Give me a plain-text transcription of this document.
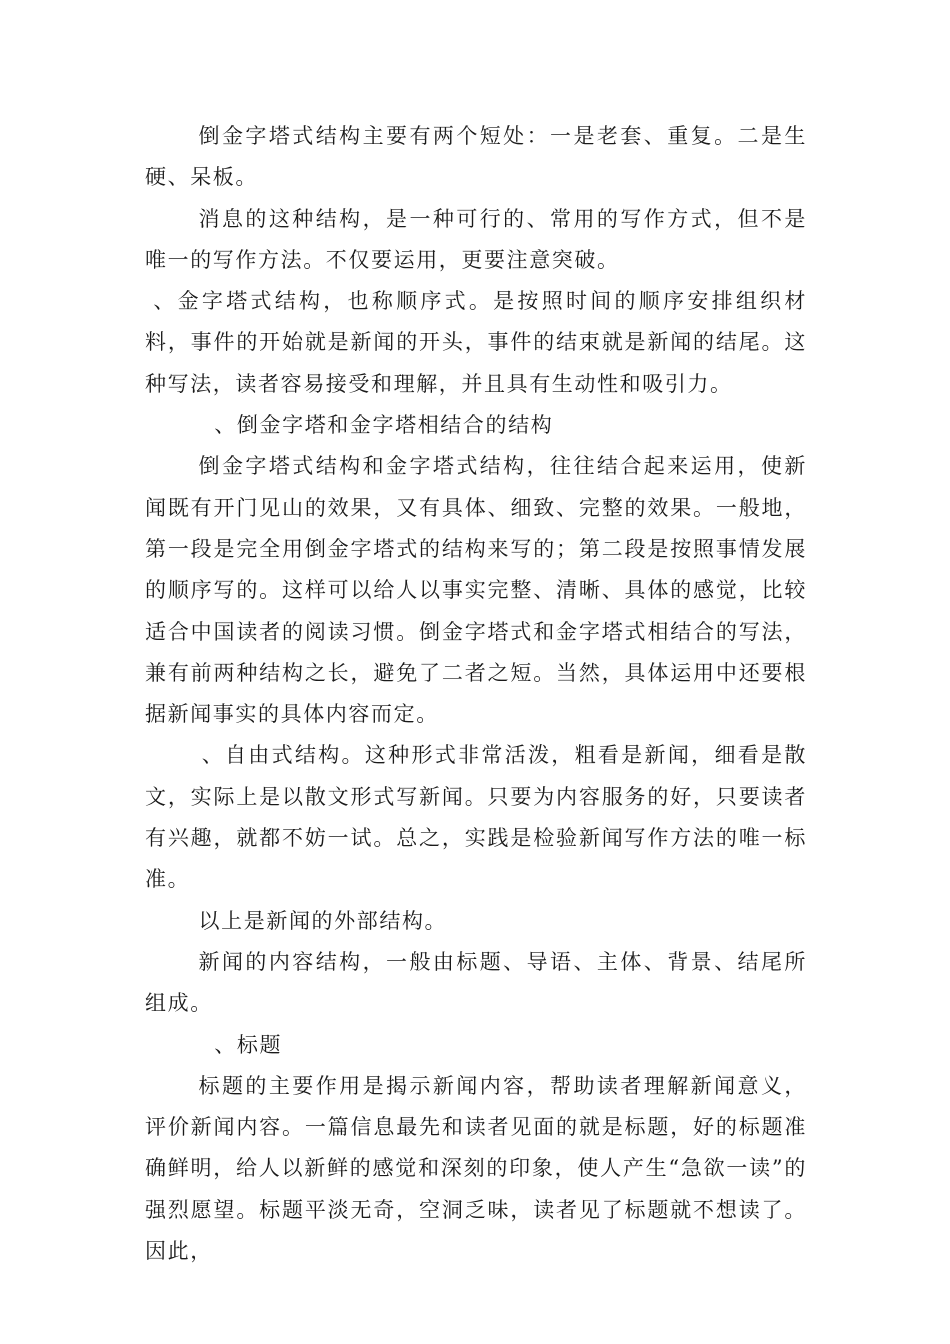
倒金字塔式结构主要有两个短处：一是老套、重复。二是生硬、呆板。

消息的这种结构，是一种可行的、常用的写作方式，但不是唯一的写作方法。不仅要运用，更要注意突破。

、金字塔式结构，也称顺序式。是按照时间的顺序安排组织材料，事件的开始就是新闻的开头，事件的结束就是新闻的结尾。这种写法，读者容易接受和理解，并且具有生动性和吸引力。

、倒金字塔和金字塔相结合的结构

倒金字塔式结构和金字塔式结构，往往结合起来运用，使新闻既有开门见山的效果，又有具体、细致、完整的效果。一般地，第一段是完全用倒金字塔式的结构来写的；第二段是按照事情发展的顺序写的。这样可以给人以事实完整、清晰、具体的感觉，比较适合中国读者的阅读习惯。倒金字塔式和金字塔式相结合的写法，兼有前两种结构之长，避免了二者之短。当然，具体运用中还要根据新闻事实的具体内容而定。

、自由式结构。这种形式非常活泼，粗看是新闻，细看是散文，实际上是以散文形式写新闻。只要为内容服务的好，只要读者有兴趣，就都不妨一试。总之，实践是检验新闻写作方法的唯一标准。

以上是新闻的外部结构。

新闻的内容结构，一般由标题、导语、主体、背景、结尾所组成。

、标题

标题的主要作用是揭示新闻内容，帮助读者理解新闻意义，评价新闻内容。一篇信息最先和读者见面的就是标题，好的标题准确鲜明，给人以新鲜的感觉和深刻的印象，使人产生“急欲一读”的强烈愿望。标题平淡无奇，空洞乏味，读者见了标题就不想读了。因此，
